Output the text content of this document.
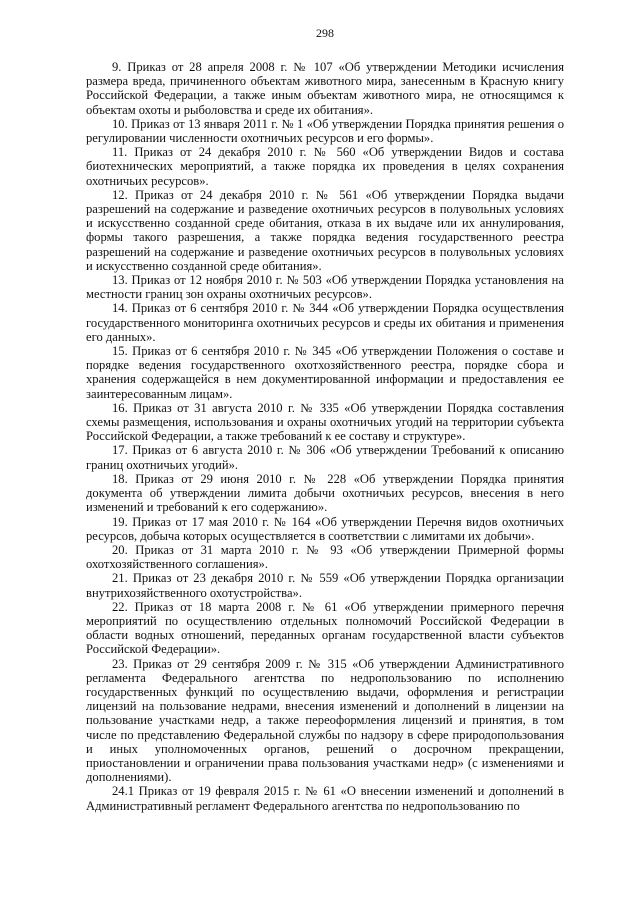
298

9. Приказ от 28 апреля 2008 г. № 107 «Об утверждении Методики исчисления размера вреда, причиненного объектам животного мира, занесенным в Красную книгу Российской Федерации, а также иным объектам животного мира, не относящимся к объектам охоты и рыболовства и среде их обитания».

10. Приказ от 13 января 2011 г. № 1 «Об утверждении Порядка принятия решения о регулировании численности охотничьих ресурсов и его формы».

11. Приказ от 24 декабря 2010 г. № 560 «Об утверждении Видов и состава биотехнических мероприятий, а также порядка их проведения в целях сохранения охотничьих ресурсов».

12. Приказ от 24 декабря 2010 г. № 561 «Об утверждении Порядка выдачи разрешений на содержание и разведение охотничьих ресурсов в полувольных условиях и искусственно созданной среде обитания, отказа в их выдаче или их аннулирования, формы такого разрешения, а также порядка ведения государственного реестра разрешений на содержание и разведение охотничьих ресурсов в полувольных условиях и искусственно созданной среде обитания».

13. Приказ от 12 ноября 2010 г. № 503 «Об утверждении Порядка установления на местности границ зон охраны охотничьих ресурсов».

14. Приказ от 6 сентября 2010 г. № 344 «Об утверждении Порядка осуществления государственного мониторинга охотничьих ресурсов и среды их обитания и применения его данных».

15. Приказ от 6 сентября 2010 г. № 345 «Об утверждении Положения о составе и порядке ведения государственного охотхозяйственного реестра, порядке сбора и хранения содержащейся в нем документированной информации и предоставления ее заинтересованным лицам».

16. Приказ от 31 августа 2010 г. № 335 «Об утверждении Порядка составления схемы размещения, использования и охраны охотничьих угодий на территории субъекта Российской Федерации, а также требований к ее составу и структуре».

17. Приказ от 6 августа 2010 г. № 306 «Об утверждении Требований к описанию границ охотничьих угодий».

18. Приказ от 29 июня 2010 г. № 228 «Об утверждении Порядка принятия документа об утверждении лимита добычи охотничьих ресурсов, внесения в него изменений и требований к его содержанию».

19. Приказ от 17 мая 2010 г. № 164 «Об утверждении Перечня видов охотничьих ресурсов, добыча которых осуществляется в соответствии с лимитами их добычи».

20. Приказ от 31 марта 2010 г. № 93 «Об утверждении Примерной формы охотхозяйственного соглашения».

21. Приказ от 23 декабря 2010 г. № 559 «Об утверждении Порядка организации внутрихозяйственного охотустройства».

22. Приказ от 18 марта 2008 г. № 61 «Об утверждении примерного перечня мероприятий по осуществлению отдельных полномочий Российской Федерации в области водных отношений, переданных органам государственной власти субъектов Российской Федерации».

23. Приказ от 29 сентября 2009 г. № 315 «Об утверждении Административного регламента Федерального агентства по недропользованию по исполнению государственных функций по осуществлению выдачи, оформления и регистрации лицензий на пользование недрами, внесения изменений и дополнений в лицензии на пользование участками недр, а также переоформления лицензий и принятия, в том числе по представлению Федеральной службы по надзору в сфере природопользования и иных уполномоченных органов, решений о досрочном прекращении, приостановлении и ограничении права пользования участками недр» (с изменениями и дополнениями).

24.1 Приказ от 19 февраля 2015 г. № 61 «О внесении изменений и дополнений в Административный регламент Федерального агентства по недропользованию по
